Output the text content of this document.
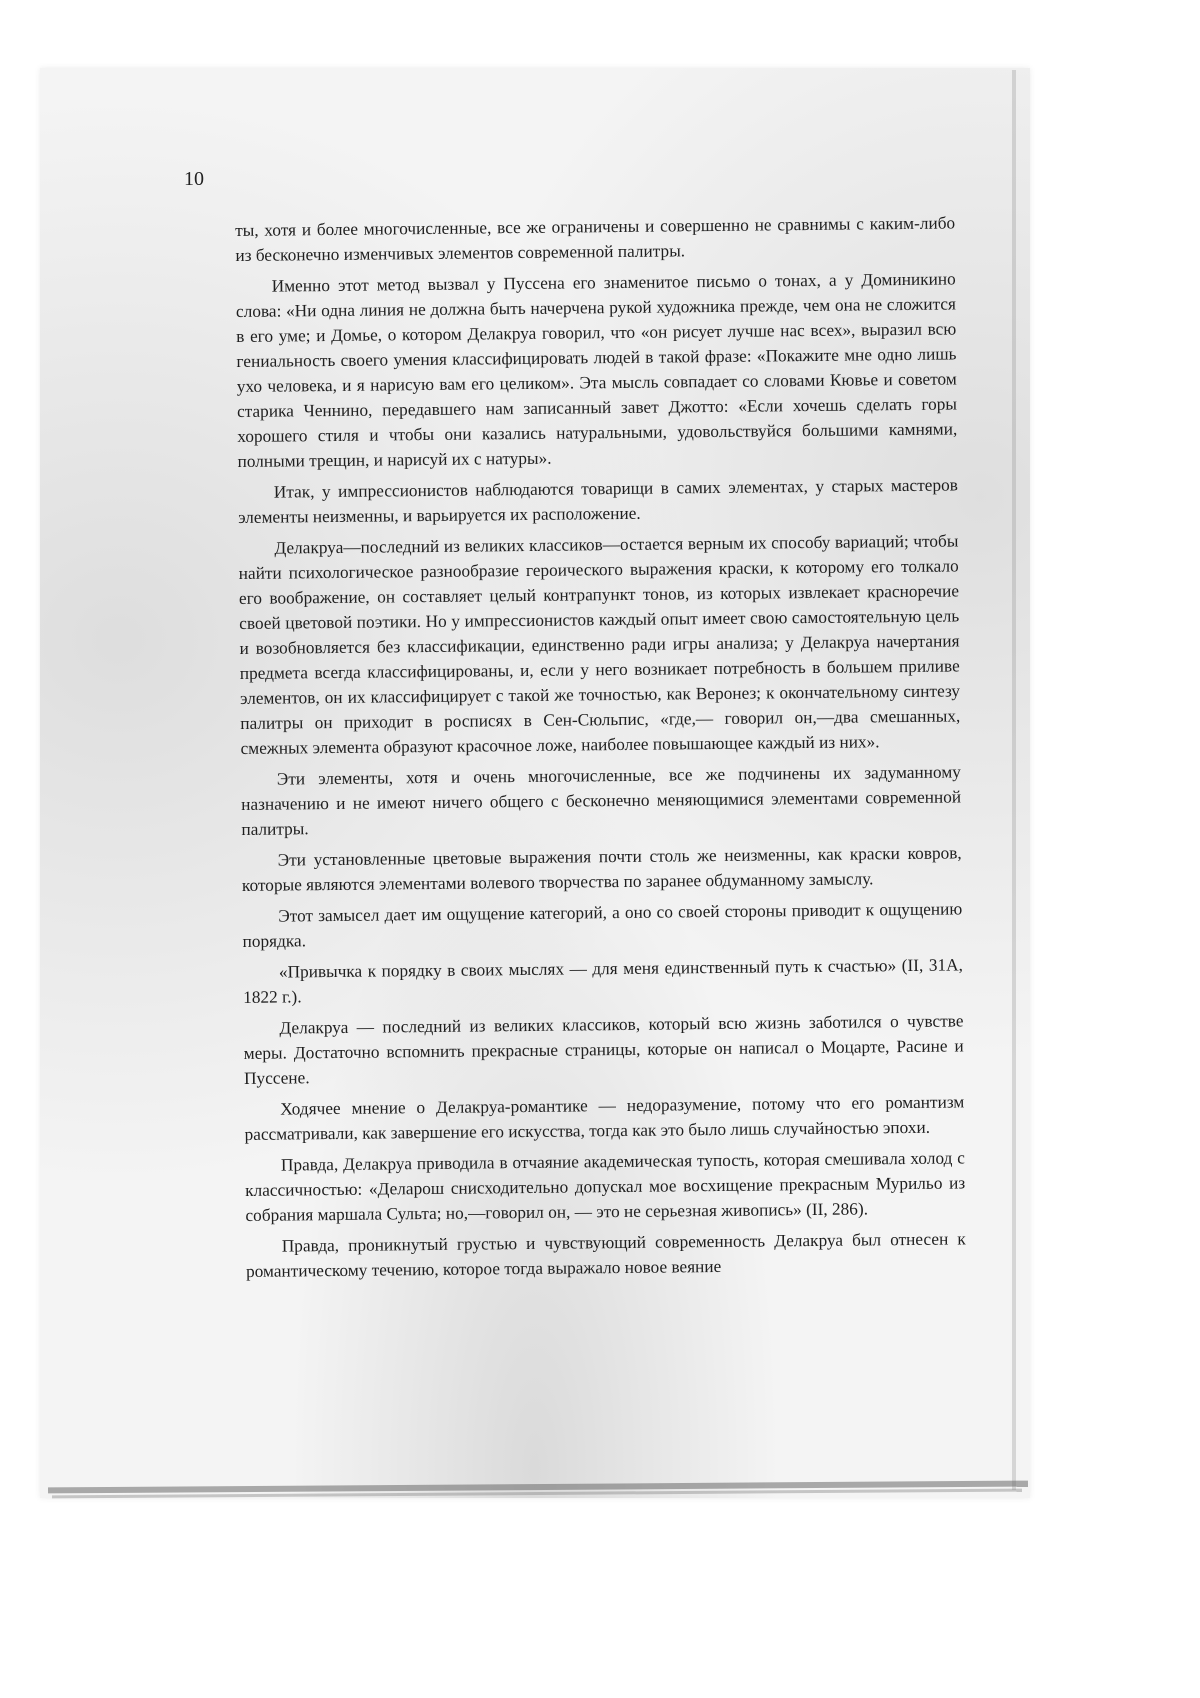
10

ты, хотя и более многочисленные, все же ограничены и совершенно не сравнимы с каким-либо из бесконечно изменчивых элементов современной палитры.

Именно этот метод вызвал у Пуссена его знаменитое письмо о тонах, а у Доминикино слова: «Ни одна линия не должна быть начерчена рукой художника прежде, чем она не сложится в его уме; и Домье, о котором Делакруа говорил, что «он рисует лучше нас всех», выразил всю гениальность своего умения классифицировать людей в такой фразе: «Покажите мне одно лишь ухо человека, и я нарисую вам его целиком». Эта мысль совпадает со словами Кювье и советом старика Ченнино, передавшего нам записанный завет Джотто: «Если хочешь сделать горы хорошего стиля и чтобы они казались натуральными, удовольствуйся большими камнями, полными трещин, и нарисуй их с натуры».

Итак, у импрессионистов наблюдаются товарищи в самих элементах, у старых мастеров элементы неизменны, и варьируется их расположение.

Делакруа—последний из великих классиков—остается верным их способу вариаций; чтобы найти психологическое разнообразие героического выражения краски, к которому его толкало его воображение, он составляет целый контрапункт тонов, из которых извлекает красноречие своей цветовой поэтики. Но у импрессионистов каждый опыт имеет свою самостоятельную цель и возобновляется без классификации, единственно ради игры анализа; у Делакруа начертания предмета всегда классифицированы, и, если у него возникает потребность в большем приливе элементов, он их классифицирует с такой же точностью, как Веронез; к окончательному синтезу палитры он приходит в росписях в Сен-Сюльпис, «где,— говорил он,—два смешанных, смежных элемента образуют красочное ложе, наиболее повышающее каждый из них».

Эти элементы, хотя и очень многочисленные, все же подчинены их задуманному назначению и не имеют ничего общего с бесконечно меняющимися элементами современной палитры.

Эти установленные цветовые выражения почти столь же неизменны, как краски ковров, которые являются элементами волевого творчества по заранее обдуманному замыслу.

Этот замысел дает им ощущение категорий, а оно со своей стороны приводит к ощущению порядка.

«Привычка к порядку в своих мыслях — для меня единственный путь к счастью» (II, 31А, 1822 г.).

Делакруа — последний из великих классиков, который всю жизнь заботился о чувстве меры. Достаточно вспомнить прекрасные страницы, которые он написал о Моцарте, Расине и Пуссене.

Ходячее мнение о Делакруа-романтике — недоразумение, потому что его романтизм рассматривали, как завершение его искусства, тогда как это было лишь случайностью эпохи.

Правда, Делакруа приводила в отчаяние академическая тупость, которая смешивала холод с классичностью: «Деларош снисходительно допускал мое восхищение прекрасным Мурильо из собрания маршала Сульта; но,—говорил он, — это не серьезная живопись» (II, 286).

Правда, проникнутый грустью и чувствующий современность Делакруа был отнесен к романтическому течению, которое тогда выражало новое веяние
